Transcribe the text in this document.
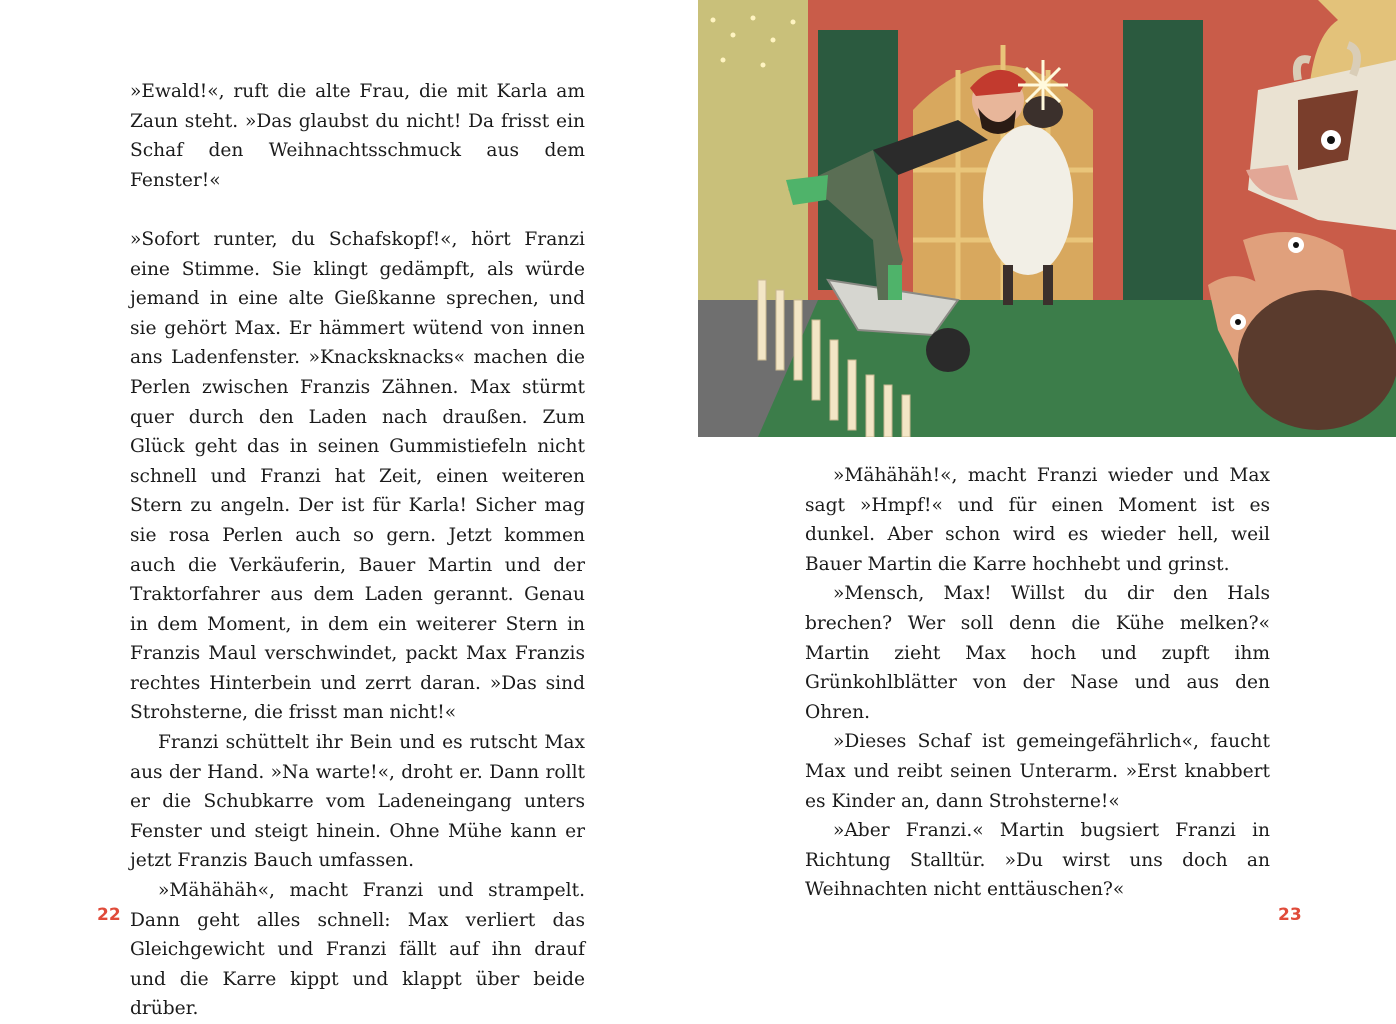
»Ewald!«, ruft die alte Frau, die mit Karla am Zaun steht. »Das glaubst du nicht! Da frisst ein Schaf den Weihnachtsschmuck aus dem Fenster!«

»Sofort runter, du Schafskopf!«, hört Franzi eine Stimme. Sie klingt gedämpft, als würde jemand in eine alte Gießkanne sprechen, und sie gehört Max. Er hämmert wütend von innen ans Ladenfenster. »Knacksknacks« machen die Perlen zwischen Franzis Zähnen. Max stürmt quer durch den Laden nach draußen. Zum Glück geht das in seinen Gummistiefeln nicht schnell und Franzi hat Zeit, einen weiteren Stern zu angeln. Der ist für Karla! Sicher mag sie rosa Perlen auch so gern. Jetzt kommen auch die Verkäuferin, Bauer Martin und der Traktorfahrer aus dem Laden gerannt. Genau in dem Moment, in dem ein weiterer Stern in Franzis Maul verschwindet, packt Max Franzis rechtes Hinterbein und zerrt daran. »Das sind Strohsterne, die frisst man nicht!«

Franzi schüttelt ihr Bein und es rutscht Max aus der Hand. »Na warte!«, droht er. Dann rollt er die Schubkarre vom Ladeneingang unters Fenster und steigt hinein. Ohne Mühe kann er jetzt Franzis Bauch umfassen.

»Mähähäh«, macht Franzi und strampelt. Dann geht alles schnell: Max verliert das Gleichgewicht und Franzi fällt auf ihn drauf und die Karre kippt und klappt über beide drüber.

22

»Mähähäh!«, macht Franzi wieder und Max sagt »Hmpf!« und für einen Moment ist es dunkel. Aber schon wird es wieder hell, weil Bauer Martin die Karre hochhebt und grinst.

»Mensch, Max! Willst du dir den Hals brechen? Wer soll denn die Kühe melken?« Martin zieht Max hoch und zupft ihm Grünkohlblätter von der Nase und aus den Ohren.

»Dieses Schaf ist gemeingefährlich«, faucht Max und reibt seinen Unterarm. »Erst knabbert es Kinder an, dann Strohsterne!«

»Aber Franzi.« Martin bugsiert Franzi in Richtung Stalltür. »Du wirst uns doch an Weihnachten nicht enttäuschen?«

23
